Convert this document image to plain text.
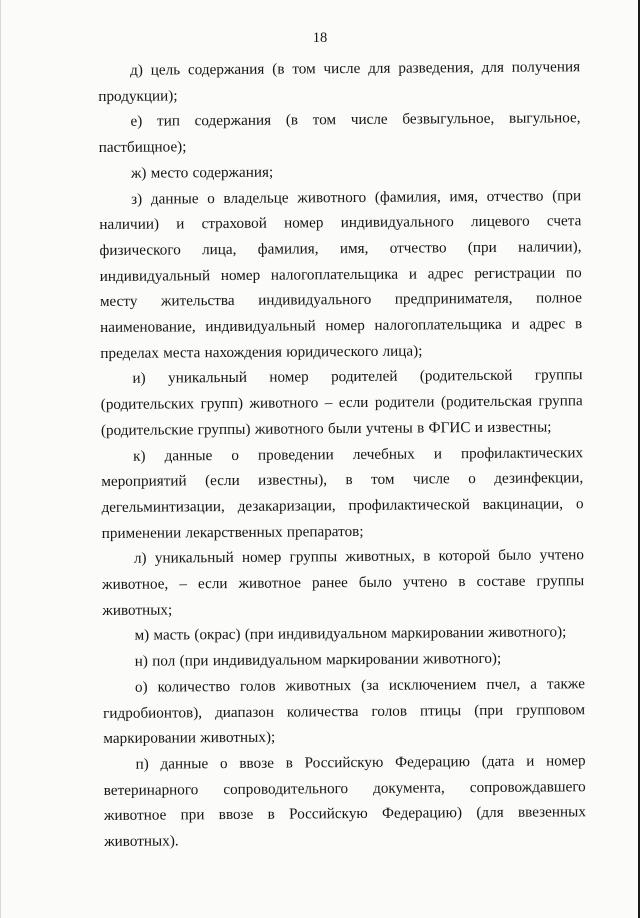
18

д) цель содержания (в том числе для разведения, для получения продукции);

е) тип содержания (в том числе безвыгульное, выгульное, пастбищное);

ж) место содержания;

з) данные о владельце животного (фамилия, имя, отчество (при наличии) и страховой номер индивидуального лицевого счета физического лица, фамилия, имя, отчество (при наличии), индивидуальный номер налогоплательщика и адрес регистрации по месту жительства индивидуального предпринимателя, полное наименование, индивидуальный номер налогоплательщика и адрес в пределах места нахождения юридического лица);

и) уникальный номер родителей (родительской группы (родительских групп) животного – если родители (родительская группа (родительские группы) животного были учтены в ФГИС и известны;

к) данные о проведении лечебных и профилактических мероприятий (если известны), в том числе о дезинфекции, дегельминтизации, дезакаризации, профилактической вакцинации, о применении лекарственных препаратов;

л) уникальный номер группы животных, в которой было учтено животное, – если животное ранее было учтено в составе группы животных;

м) масть (окрас) (при индивидуальном маркировании животного);

н) пол (при индивидуальном маркировании животного);

о) количество голов животных (за исключением пчел, а также гидробионтов), диапазон количества голов птицы (при групповом маркировании животных);

п) данные о ввозе в Российскую Федерацию (дата и номер ветеринарного сопроводительного документа, сопровождавшего животное при ввозе в Российскую Федерацию) (для ввезенных животных).
